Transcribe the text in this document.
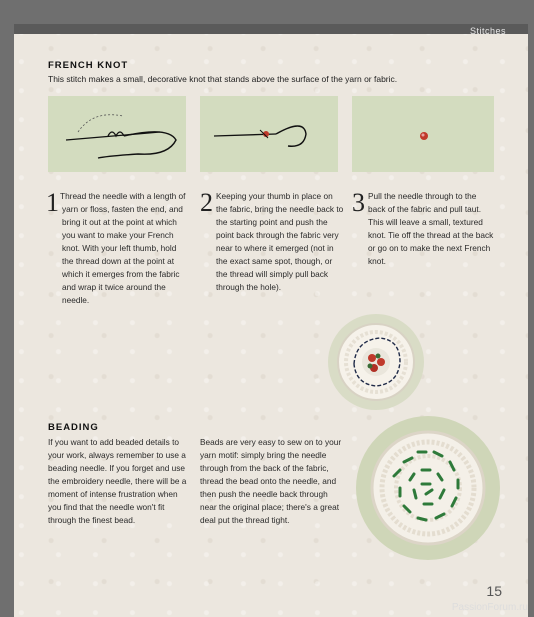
Stitches
FRENCH KNOT
This stitch makes a small, decorative knot that stands above the surface of the yarn or fabric.
1 Thread the needle with a length of yarn or floss, fasten the end, and bring it out at the point at which you want to make your French knot. With your left thumb, hold the thread down at the point at which it emerges from the fabric and wrap it twice around the needle.
2 Keeping your thumb in place on the fabric, bring the needle back to the starting point and push the point back through the fabric very near to where it emerged (not in the exact same spot, though, or the thread will simply pull back through the hole).
3 Pull the needle through to the back of the fabric and pull taut. This will leave a small, textured knot. Tie off the thread at the back or go on to make the next French knot.
BEADING
If you want to add beaded details to your work, always remember to use a beading needle. If you forget and use the embroidery needle, there will be a moment of intense frustration when you find that the needle won't fit through the finest bead.
Beads are very easy to sew on to your yarn motif: simply bring the needle through from the back of the fabric, thread the bead onto the needle, and then push the needle back through near the original place; there's a great deal put the thread tight.
15
PassionForum.ru
